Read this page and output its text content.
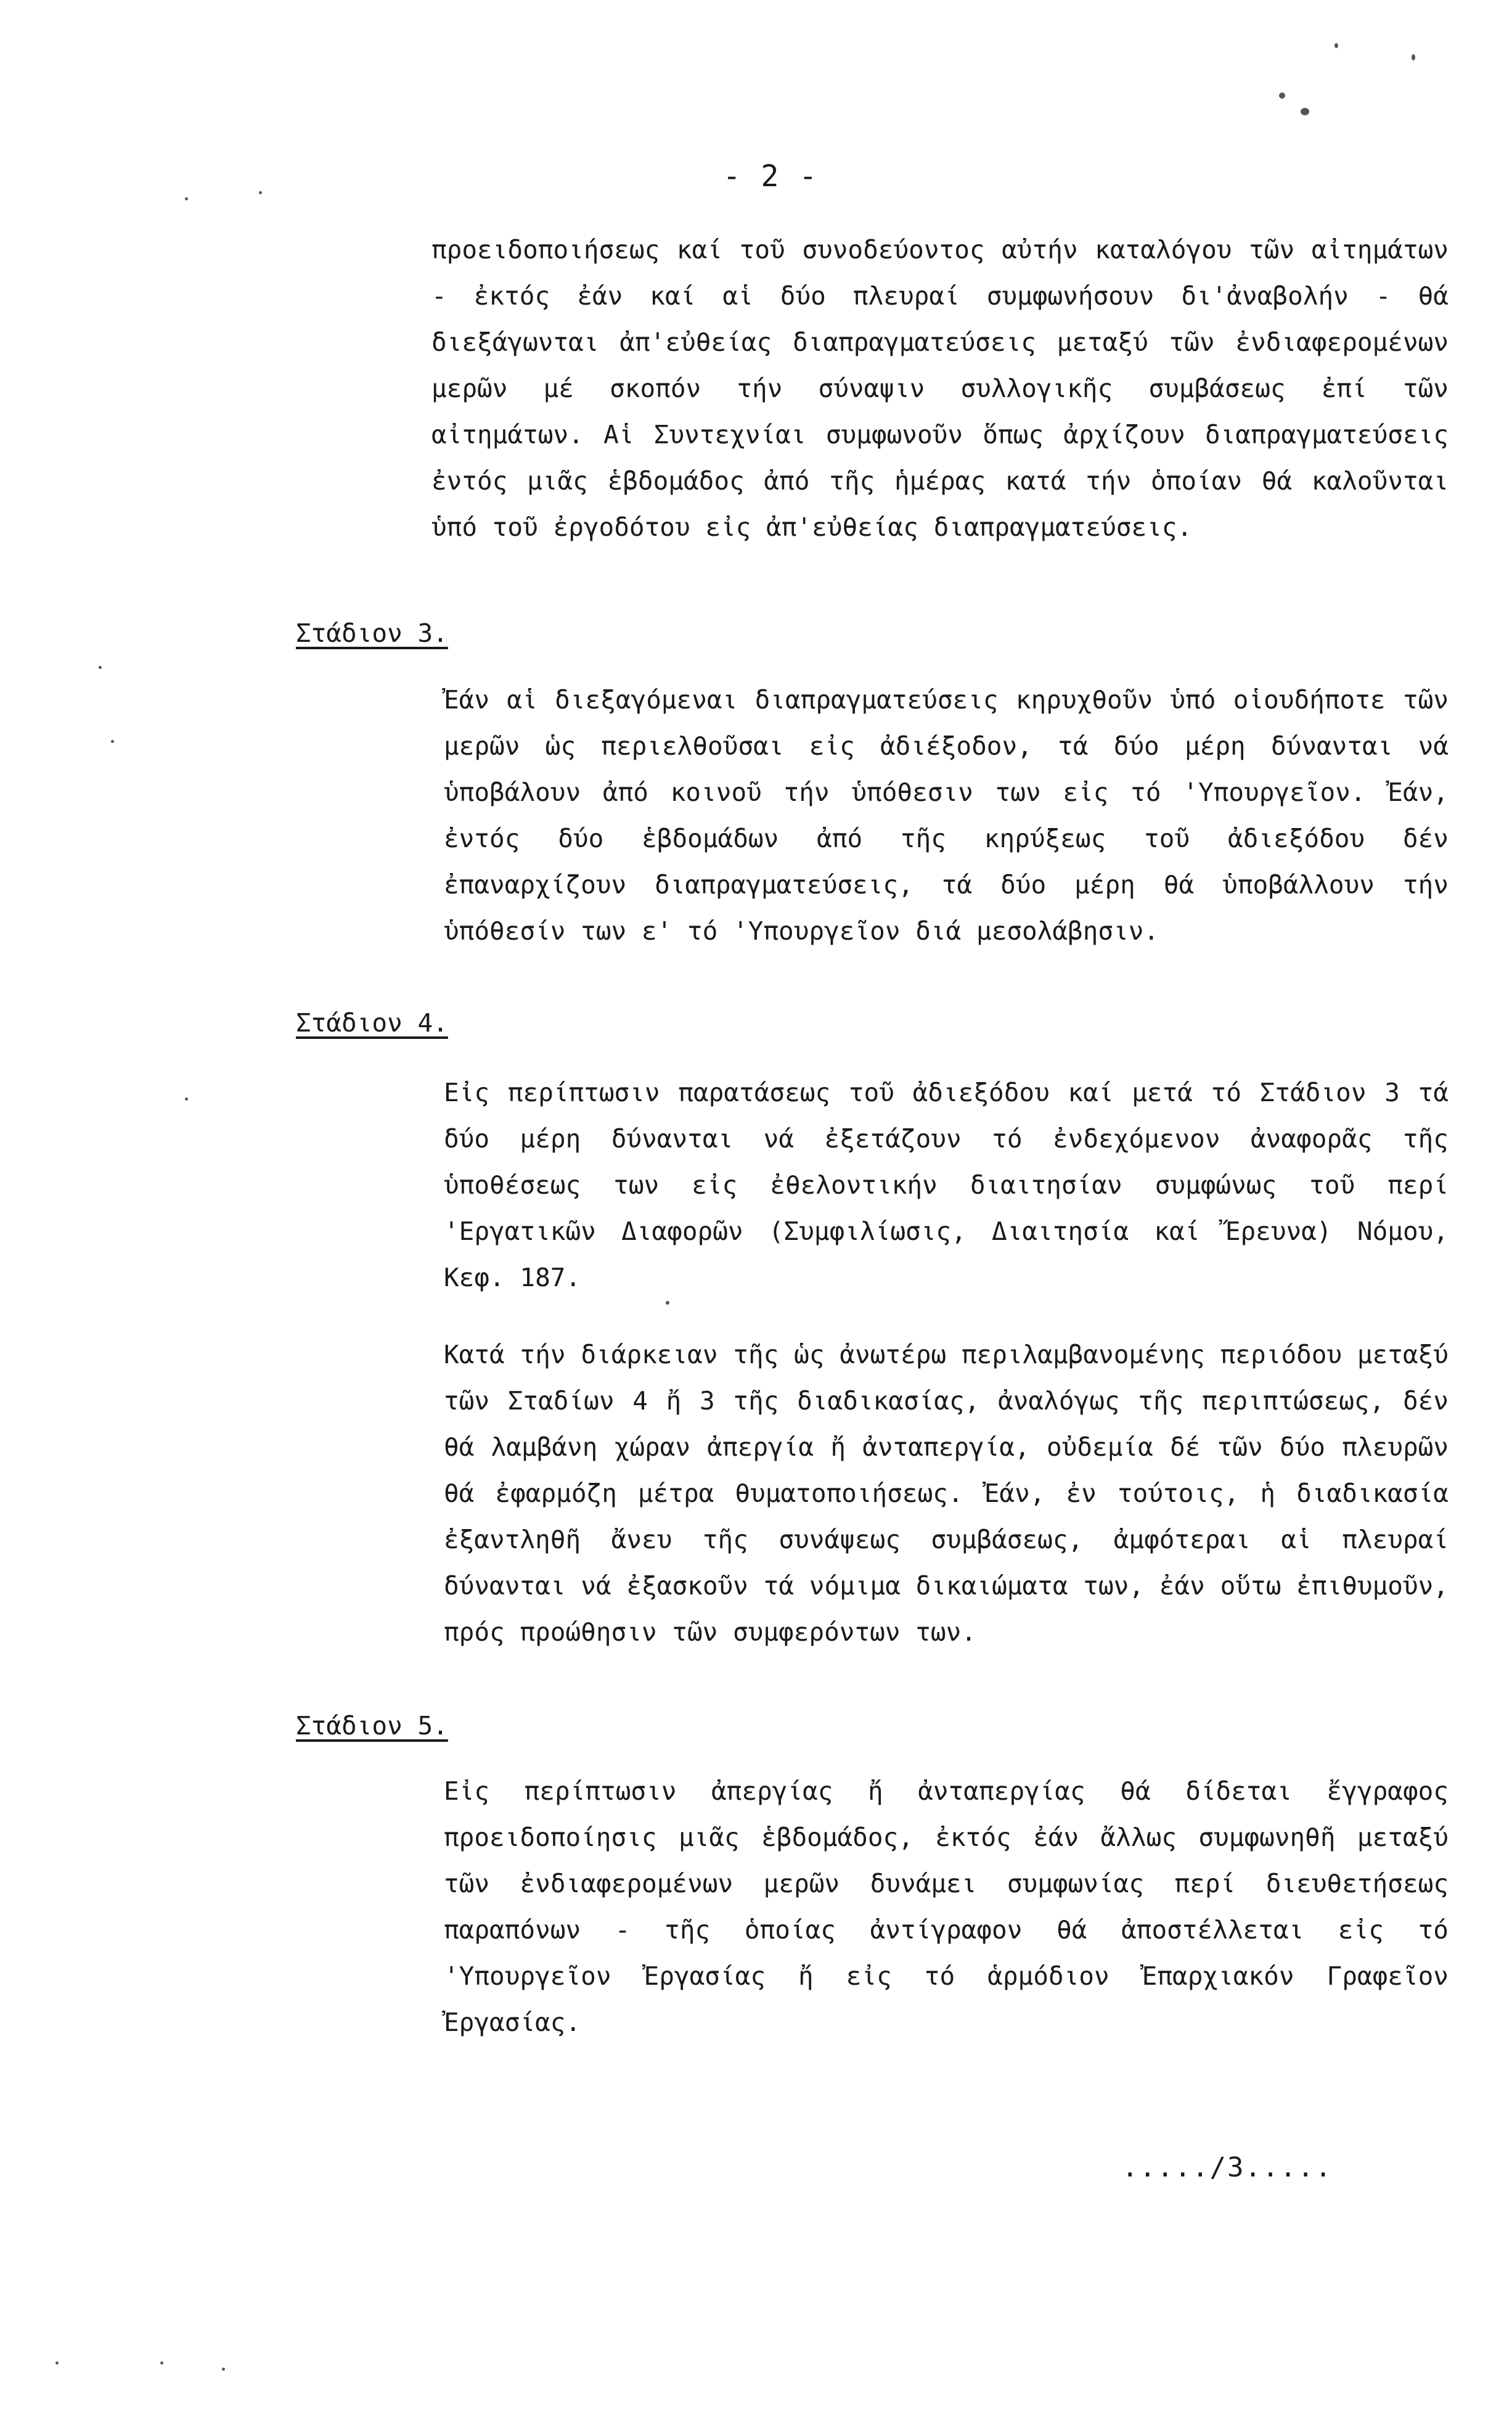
- 2 -

προειδοποιήσεως καί τοῦ συνοδεύοντος αὐτήν καταλόγου τῶν αἰτημάτων - ἐκτός ἐάν καί αἱ δύο πλευραί συμφωνήσουν δι'ἀναβολήν - θά διεξάγωνται ἀπ'εὐθείας διαπραγματεύσεις μεταξύ τῶν ἐνδιαφερομένων μερῶν μέ σκοπόν τήν σύναψιν συλλογικῆς συμβάσεως ἐπί τῶν αἰτημάτων. Αἱ Συντεχνίαι συμφωνοῦν ὅπως ἀρχίζουν διαπραγματεύσεις ἐντός μιᾶς ἑβδομάδος ἀπό τῆς ἡμέρας κατά τήν ὁποίαν θά καλοῦνται ὑπό τοῦ ἐργοδότου εἰς ἀπ'εὐθείας διαπραγματεύσεις.

Στάδιον 3.

Ἐάν αἱ διεξαγόμεναι διαπραγματεύσεις κηρυχθοῦν ὑπό οἱουδήποτε τῶν μερῶν ὡς περιελθοῦσαι εἰς ἀδιέξοδον, τά δύο μέρη δύνανται νά ὑποβάλουν ἀπό κοινοῦ τήν ὑπόθεσιν των εἰς τό 'Υπουργεῖον. Ἐάν, ἐντός δύο ἑβδομάδων ἀπό τῆς κηρύξεως τοῦ ἀδιεξόδου δέν ἐπαναρχίζουν διαπραγματεύσεις, τά δύο μέρη θά ὑποβάλλουν τήν ὑπόθεσίν των ε' τό 'Υπουργεῖον διά μεσολάβησιν.

Στάδιον 4.

Εἰς περίπτωσιν παρατάσεως τοῦ ἀδιεξόδου καί μετά τό Στάδιον 3 τά δύο μέρη δύνανται νά ἐξετάζουν τό ἐνδεχόμενον ἀναφορᾶς τῆς ὑποθέσεως των εἰς ἐθελοντικήν διαιτησίαν συμφώνως τοῦ περί 'Εργατικῶν Διαφορῶν (Συμφιλίωσις, Διαιτησία καί Ἔρευνα) Νόμου, Κεφ. 187.

Κατά τήν διάρκειαν τῆς ὡς ἀνωτέρω περιλαμβανομένης περιόδου μεταξύ τῶν Σταδίων 4 ἤ 3 τῆς διαδικασίας, ἀναλόγως τῆς περιπτώσεως, δέν θά λαμβάνη χώραν ἀπεργία ἤ ἀνταπεργία, οὐδεμία δέ τῶν δύο πλευρῶν θά ἐφαρμόζη μέτρα θυματοποιήσεως. Ἐάν, ἐν τούτοις, ἡ διαδικασία ἐξαντληθῆ ἄνευ τῆς συνάψεως συμβάσεως, ἀμφότεραι αἱ πλευραί δύνανται νά ἐξασκοῦν τά νόμιμα δικαιώματα των, ἐάν οὕτω ἐπιθυμοῦν, πρός προώθησιν τῶν συμφερόντων των.

Στάδιον 5.

Εἰς περίπτωσιν ἀπεργίας ἤ ἀνταπεργίας θά δίδεται ἔγγραφος προειδοποίησις μιᾶς ἑβδομάδος, ἐκτός ἐάν ἄλλως συμφωνηθῆ μεταξύ τῶν ἐνδιαφερομένων μερῶν δυνάμει συμφωνίας περί διευθετήσεως παραπόνων - τῆς ὁποίας ἀντίγραφον θά ἀποστέλλεται εἰς τό 'Υπουργεῖον Ἐργασίας ἤ εἰς τό ἁρμόδιον Ἐπαρχιακόν Γραφεῖον Ἐργασίας.

...../3.....
